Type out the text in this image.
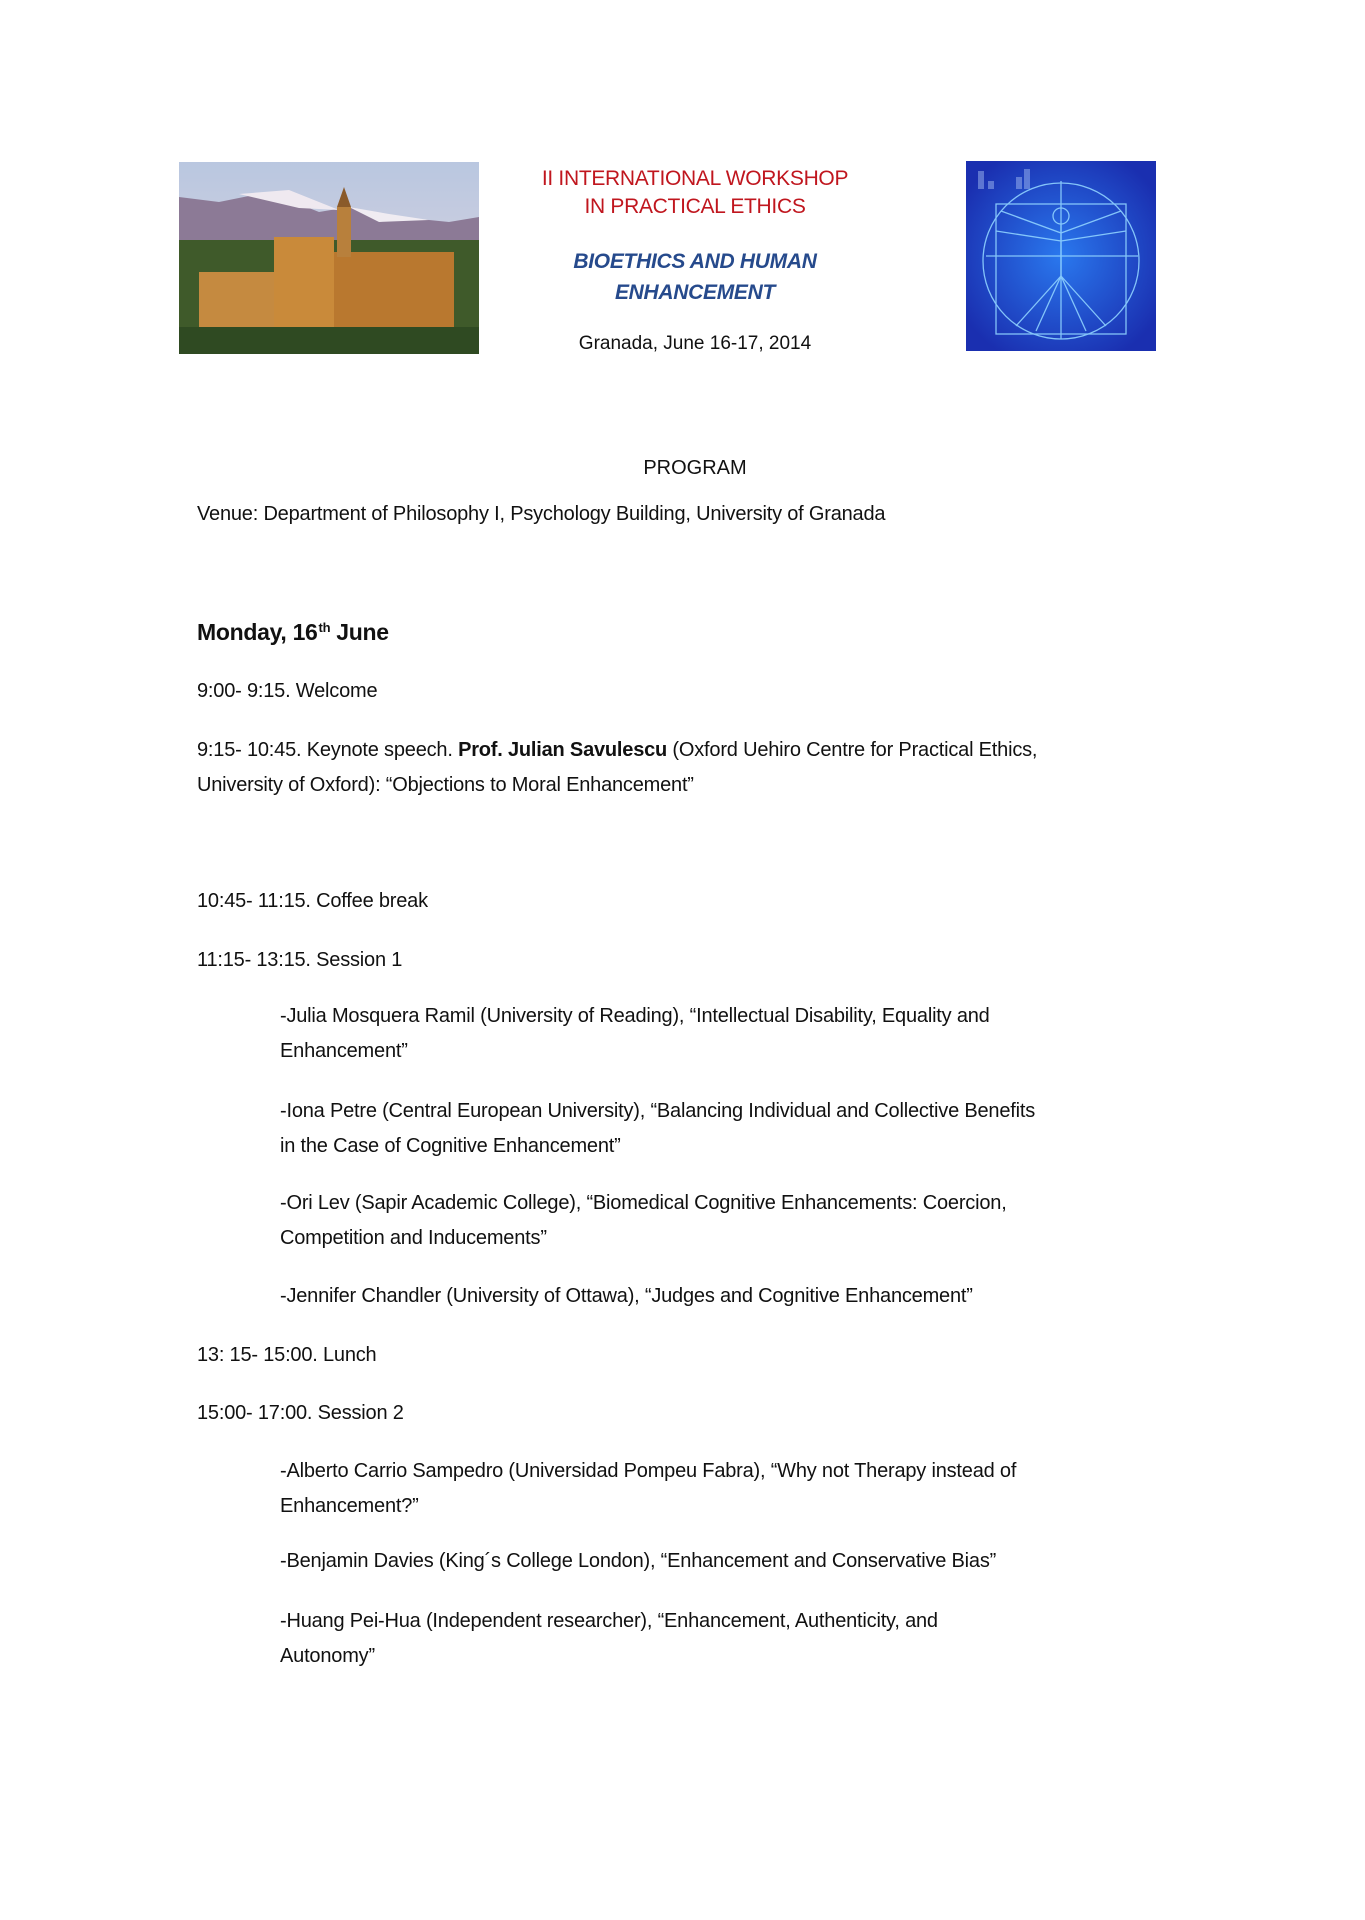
II INTERNATIONAL WORKSHOP
IN PRACTICAL ETHICS
BIOETHICS AND HUMAN
ENHANCEMENT
Granada, June 16-17, 2014
PROGRAM
Venue: Department of Philosophy I, Psychology Building, University of Granada
Monday, 16th June
9:00- 9:15. Welcome
9:15- 10:45. Keynote speech. Prof. Julian Savulescu (Oxford Uehiro Centre for Practical Ethics,
University of Oxford): “Objections to Moral Enhancement”
10:45- 11:15. Coffee break
11:15- 13:15. Session 1
-Julia Mosquera Ramil (University of Reading), “Intellectual Disability, Equality and
Enhancement”
-Iona Petre (Central European University), “Balancing Individual and Collective Benefits
in the Case of Cognitive Enhancement”
-Ori Lev (Sapir Academic College), “Biomedical Cognitive Enhancements: Coercion,
Competition and Inducements”
-Jennifer Chandler (University of Ottawa), “Judges and Cognitive Enhancement”
13: 15- 15:00. Lunch
15:00- 17:00. Session 2
-Alberto Carrio Sampedro (Universidad Pompeu Fabra), “Why not Therapy instead of
Enhancement?”
-Benjamin Davies (King´s College London), “Enhancement and Conservative Bias”
-Huang Pei-Hua (Independent researcher), “Enhancement, Authenticity, and
Autonomy”
